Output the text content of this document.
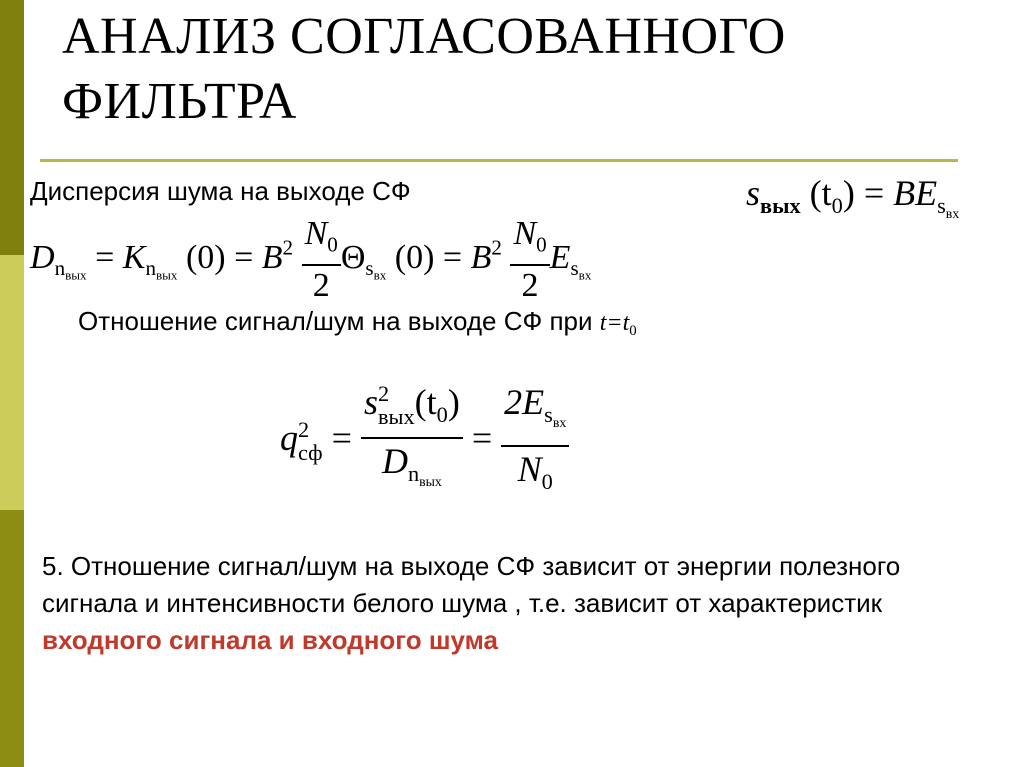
АНАЛИЗ СОГЛАСОВАННОГО
ФИЛЬТРА
Дисперсия шума на выходе СФ	$s_{вых}$ $(t_0) = BE_{s_{вх}}$
$D_{n_{вых}} = K_{n_{вых}}$ $(0) = B^2 \frac{N_0}{2} \Theta_{s_{вх}}$ $(0) = B^2 \frac{N_0}{2} E_{s_{вх}}$
Отношение сигнал/шум на выходе СФ при $t=t_0$
q 2
сф = s 2
вых $(t_0)$
$D_{n_{вых}} = \frac{2E_{s_{вх}}}{N_0}$
5. Отношение сигнал/шум на выходе СФ зависит от энергии полезного сигнала и интенсивности белого шума , т.е. зависит от характеристик входного сигнала и входного шума
